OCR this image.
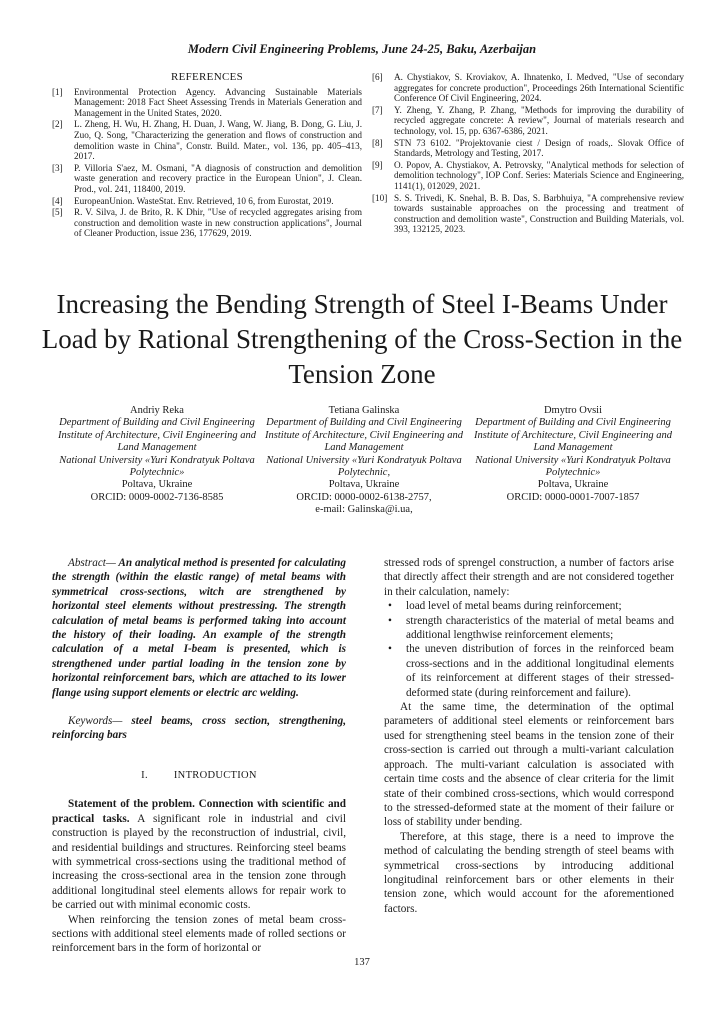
Modern Civil Engineering Problems, June 24-25, Baku, Azerbaijan
REFERENCES
[1]	Environmental Protection Agency. Advancing Sustainable Materials Management: 2018 Fact Sheet Assessing Trends in Materials Generation and Management in the United States, 2020.
[2]	L. Zheng, H. Wu, H. Zhang, H. Duan, J. Wang, W. Jiang, B. Dong, G. Liu, J. Zuo, Q. Song, "Characterizing the generation and flows of construction and demolition waste in China", Constr. Build. Mater., vol. 136, pp. 405–413, 2017.
[3]	P. Villoria S'aez, M. Osmani, "A diagnosis of construction and demolition waste generation and recovery practice in the European Union", J. Clean. Prod., vol. 241, 118400, 2019.
[4]	EuropeanUnion. WasteStat. Env. Retrieved, 10 6, from Eurostat, 2019.
[5]	R. V. Silva, J. de Brito, R. K Dhir, "Use of recycled aggregates arising from construction and demolition waste in new construction applications", Journal of Cleaner Production, issue 236, 177629, 2019.
[6]	A. Chystiakov, S. Kroviakov, A. Ihnatenko, I. Medved, "Use of secondary aggregates for concrete production", Proceedings 26th International Scientific Conference Of Civil Engineering, 2024.
[7]	Y. Zheng, Y. Zhang, P. Zhang, "Methods for improving the durability of recycled aggregate concrete: A review", Journal of materials research and technology, vol. 15, pp. 6367-6386, 2021.
[8]	STN 73 6102. "Projektovanie ciest / Design of roads,. Slovak Office of Standards, Metrology and Testing, 2017.
[9]	O. Popov, A. Chystiakov, A. Petrovsky, "Analytical methods for selection of demolition technology", IOP Conf. Series: Materials Science and Engineering, 1141(1), 012029, 2021.
[10] S. S. Trivedi, K. Snehal, B. B. Das, S. Barbhuiya, "A comprehensive review towards sustainable approaches on the processing and treatment of construction and demolition waste", Construction and Building Materials, vol. 393, 132125, 2023.
Increasing the Bending Strength of Steel I-Beams Under Load by Rational Strengthening of the Cross-Section in the Tension Zone
Andriy Reka
Department of Building and Civil Engineering Institute of Architecture, Civil Engineering and Land Management
National University «Yuri Kondratyuk Poltava Polytechnic»
Poltava, Ukraine
ORCID: 0009-0002-7136-8585
Tetiana Galinska
Department of Building and Civil Engineering Institute of Architecture, Civil Engineering and Land Management
National University «Yuri Kondratyuk Poltava Polytechnic,
Poltava, Ukraine
ORCID: 0000-0002-6138-2757,
e-mail: Galinska@i.ua,
Dmytro Ovsii
Department of Building and Civil Engineering Institute of Architecture, Civil Engineering and Land Management
National University «Yuri Kondratyuk Poltava Polytechnic»
Poltava, Ukraine
ORCID: 0000-0001-7007-1857

Abstract— An analytical method is presented for calculating the strength (within the elastic range) of metal beams with symmetrical cross-sections, witch are strengthened by horizontal steel elements without prestressing. The strength calculation of metal beams is performed taking into account the history of their loading. An example of the strength calculation of a metal I-beam is presented, which is strengthened under partial loading in the tension zone by horizontal reinforcement bars, which are attached to its lower flange using support elements or electric arc welding.

Keywords— steel beams, cross section, strengthening, reinforcing bars

I. INTRODUCTION

Statement of the problem. Connection with scientific and practical tasks. A significant role in industrial and civil construction is played by the reconstruction of industrial, civil, and residential buildings and structures. Reinforcing steel beams with symmetrical cross-sections using the traditional method of increasing the cross-sectional area in the tension zone through additional longitudinal steel elements allows for repair work to be carried out with minimal economic costs.

When reinforcing the tension zones of metal beam cross-sections with additional steel elements made of rolled sections or reinforcement bars in the form of horizontal or

stressed rods of sprengel construction, a number of factors arise that directly affect their strength and are not considered together in their calculation, namely:

• load level of metal beams during reinforcement;
• strength characteristics of the material of metal beams and additional lengthwise reinforcement elements;
• the uneven distribution of forces in the reinforced beam cross-sections and in the additional longitudinal elements of its reinforcement at different stages of their stressed-deformed state (during reinforcement and failure).

At the same time, the determination of the optimal parameters of additional steel elements or reinforcement bars used for strengthening steel beams in the tension zone of their cross-section is carried out through a multi-variant calculation approach. The multi-variant calculation is associated with certain time costs and the absence of clear criteria for the limit state of their combined cross-sections, which would correspond to the stressed-deformed state at the moment of their failure or loss of stability under bending.

Therefore, at this stage, there is a need to improve the method of calculating the bending strength of steel beams with symmetrical cross-sections by introducing additional longitudinal reinforcement bars or other elements in their tension zone, which would account for the aforementioned factors.

137
